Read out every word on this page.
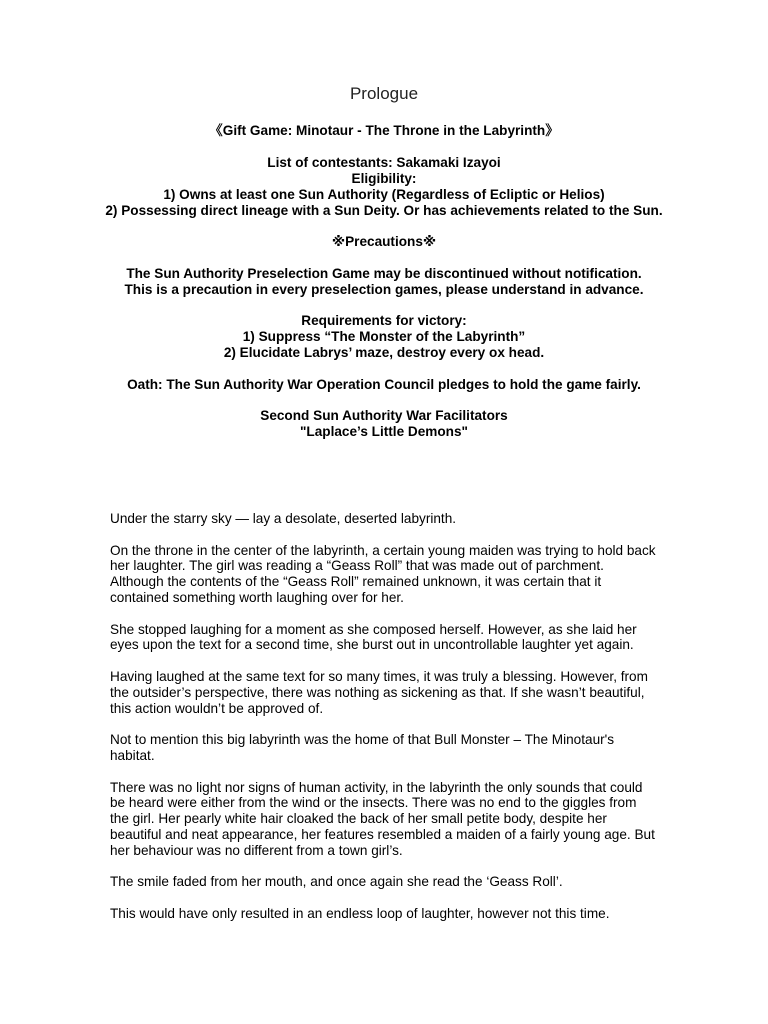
Prologue

《Gift Game: Minotaur - The Throne in the Labyrinth》

List of contestants: Sakamaki Izayoi
Eligibility:
1) Owns at least one Sun Authority (Regardless of Ecliptic or Helios)
2) Possessing direct lineage with a Sun Deity. Or has achievements related to the Sun.

※Precautions※

The Sun Authority Preselection Game may be discontinued without notification.
This is a precaution in every preselection games, please understand in advance.

Requirements for victory:
1) Suppress “The Monster of the Labyrinth”
2) Elucidate Labrys’ maze, destroy every ox head.

Oath: The Sun Authority War Operation Council pledges to hold the game fairly.

Second Sun Authority War Facilitators
"Laplace’s Little Demons"

Under the starry sky — lay a desolate, deserted labyrinth.

On the throne in the center of the labyrinth, a certain young maiden was trying to hold back her laughter. The girl was reading a “Geass Roll” that was made out of parchment. Although the contents of the “Geass Roll” remained unknown, it was certain that it contained something worth laughing over for her.

She stopped laughing for a moment as she composed herself. However, as she laid her eyes upon the text for a second time, she burst out in uncontrollable laughter yet again.

Having laughed at the same text for so many times, it was truly a blessing. However, from the outsider’s perspective, there was nothing as sickening as that. If she wasn’t beautiful, this action wouldn’t be approved of.

Not to mention this big labyrinth was the home of that Bull Monster – The Minotaur's habitat.

There was no light nor signs of human activity, in the labyrinth the only sounds that could be heard were either from the wind or the insects. There was no end to the giggles from the girl. Her pearly white hair cloaked the back of her small petite body, despite her beautiful and neat appearance, her features resembled a maiden of a fairly young age. But her behaviour was no different from a town girl’s.

The smile faded from her mouth, and once again she read the ‘Geass Roll’.

This would have only resulted in an endless loop of laughter, however not this time.
